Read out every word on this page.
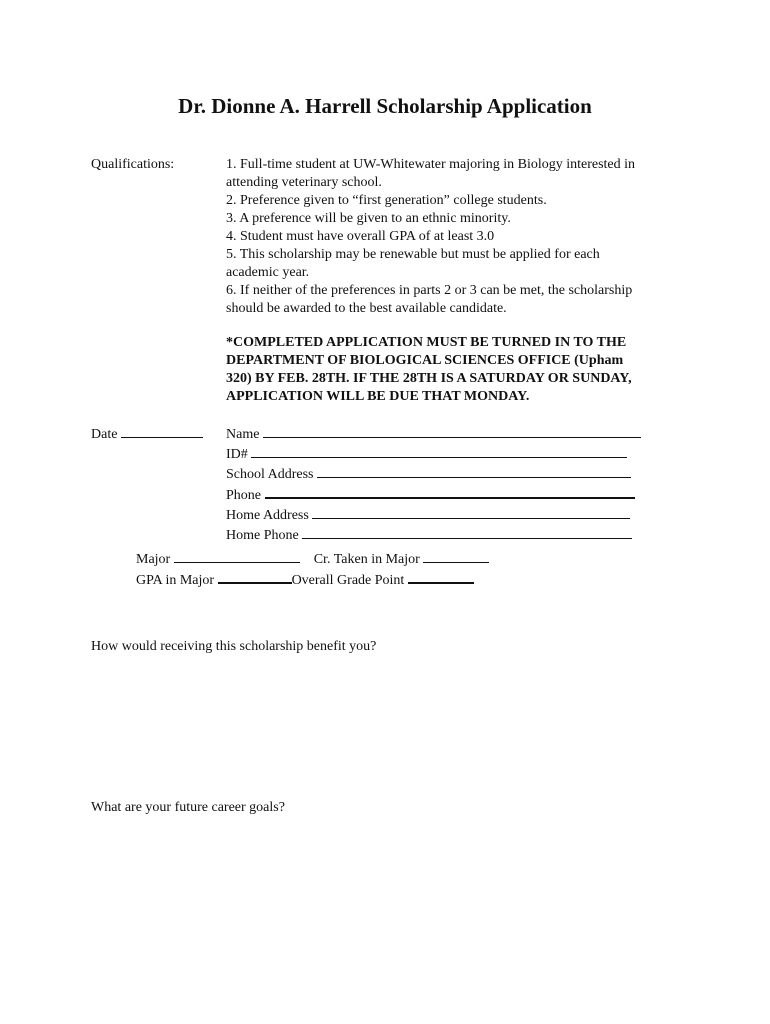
Dr. Dionne A. Harrell Scholarship Application
Qualifications:	1. Full-time student at UW-Whitewater majoring in Biology interested in
attending veterinary school.
2. Preference given to “first generation” college students.
3. A preference will be given to an ethnic minority.
4. Student must have overall GPA of at least 3.0
5. This scholarship may be renewable but must be applied for each
academic year.
6. If neither of the preferences in parts 2 or 3 can be met, the scholarship
should be awarded to the best available candidate.
*COMPLETED APPLICATION MUST BE TURNED IN TO THE
DEPARTMENT OF BIOLOGICAL SCIENCES OFFICE (Upham
320) BY FEB. 28TH. IF THE 28TH IS A SATURDAY OR SUNDAY,
APPLICATION WILL BE DUE THAT MONDAY.
Date	Name
ID#
School Address
Phone
Home Address
Home Phone
Major	Cr. Taken in Major
GPA in Major	Overall Grade Point
How would receiving this scholarship benefit you?
What are your future career goals?
